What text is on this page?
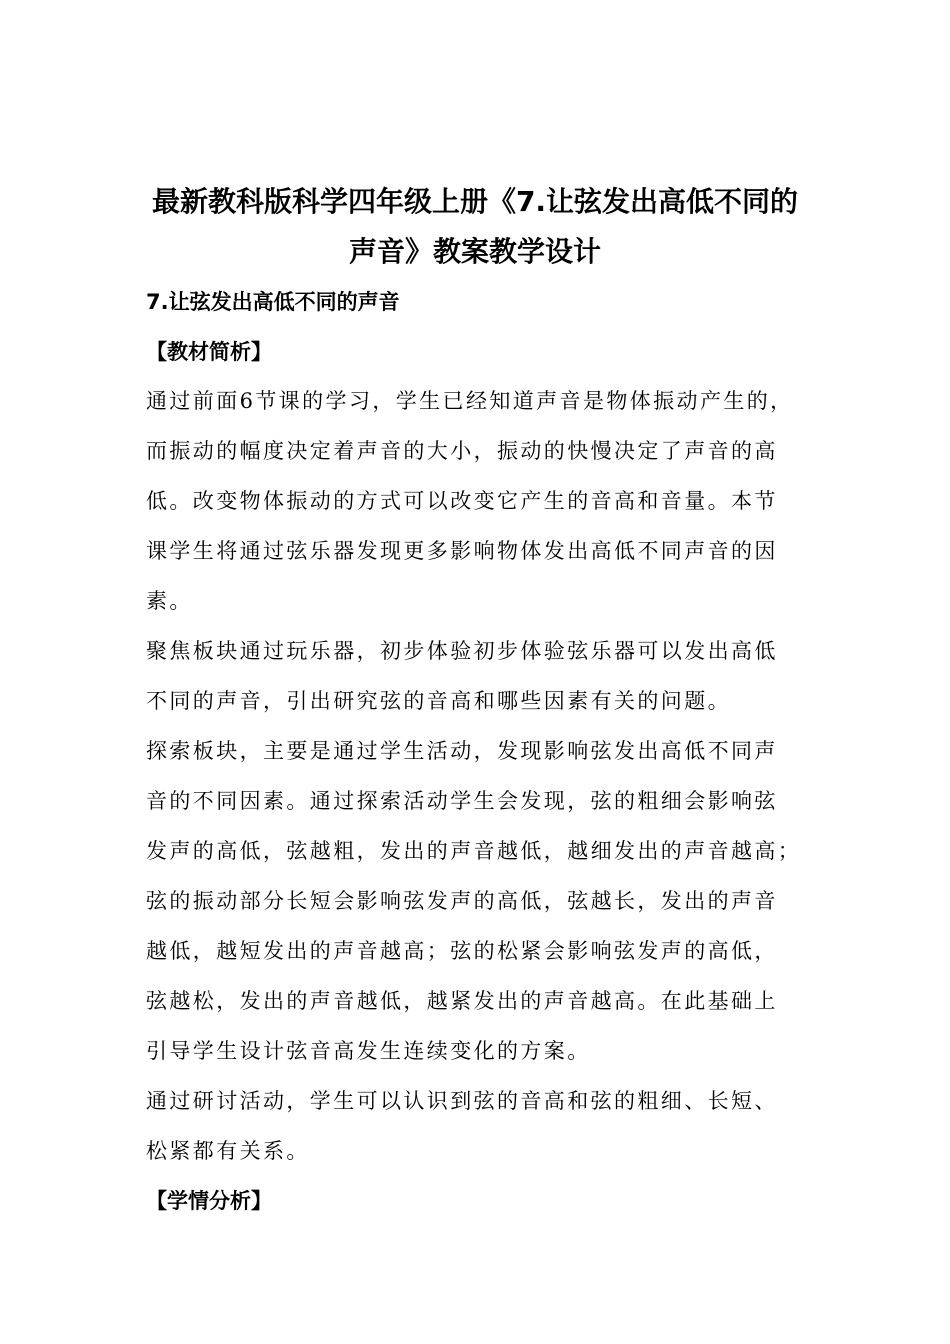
最新教科版科学四年级上册《7.让弦发出高低不同的
声音》教案教学设计
7.让弦发出高低不同的声音
【教材简析】

通过前面6节课的学习，学生已经知道声音是物体振动产生的，

而振动的幅度决定着声音的大小，振动的快慢决定了声音的高

低。改变物体振动的方式可以改变它产生的音高和音量。本节

课学生将通过弦乐器发现更多影响物体发出高低不同声音的因

素。

聚焦板块通过玩乐器，初步体验初步体验弦乐器可以发出高低

不同的声音，引出研究弦的音高和哪些因素有关的问题。

探索板块，主要是通过学生活动，发现影响弦发出高低不同声

音的不同因素。通过探索活动学生会发现，弦的粗细会影响弦

发声的高低，弦越粗，发出的声音越低，越细发出的声音越高；

弦的振动部分长短会影响弦发声的高低，弦越长，发出的声音

越低，越短发出的声音越高；弦的松紧会影响弦发声的高低，

弦越松，发出的声音越低，越紧发出的声音越高。在此基础上

引导学生设计弦音高发生连续变化的方案。

通过研讨活动，学生可以认识到弦的音高和弦的粗细、长短、

松紧都有关系。

【学情分析】
